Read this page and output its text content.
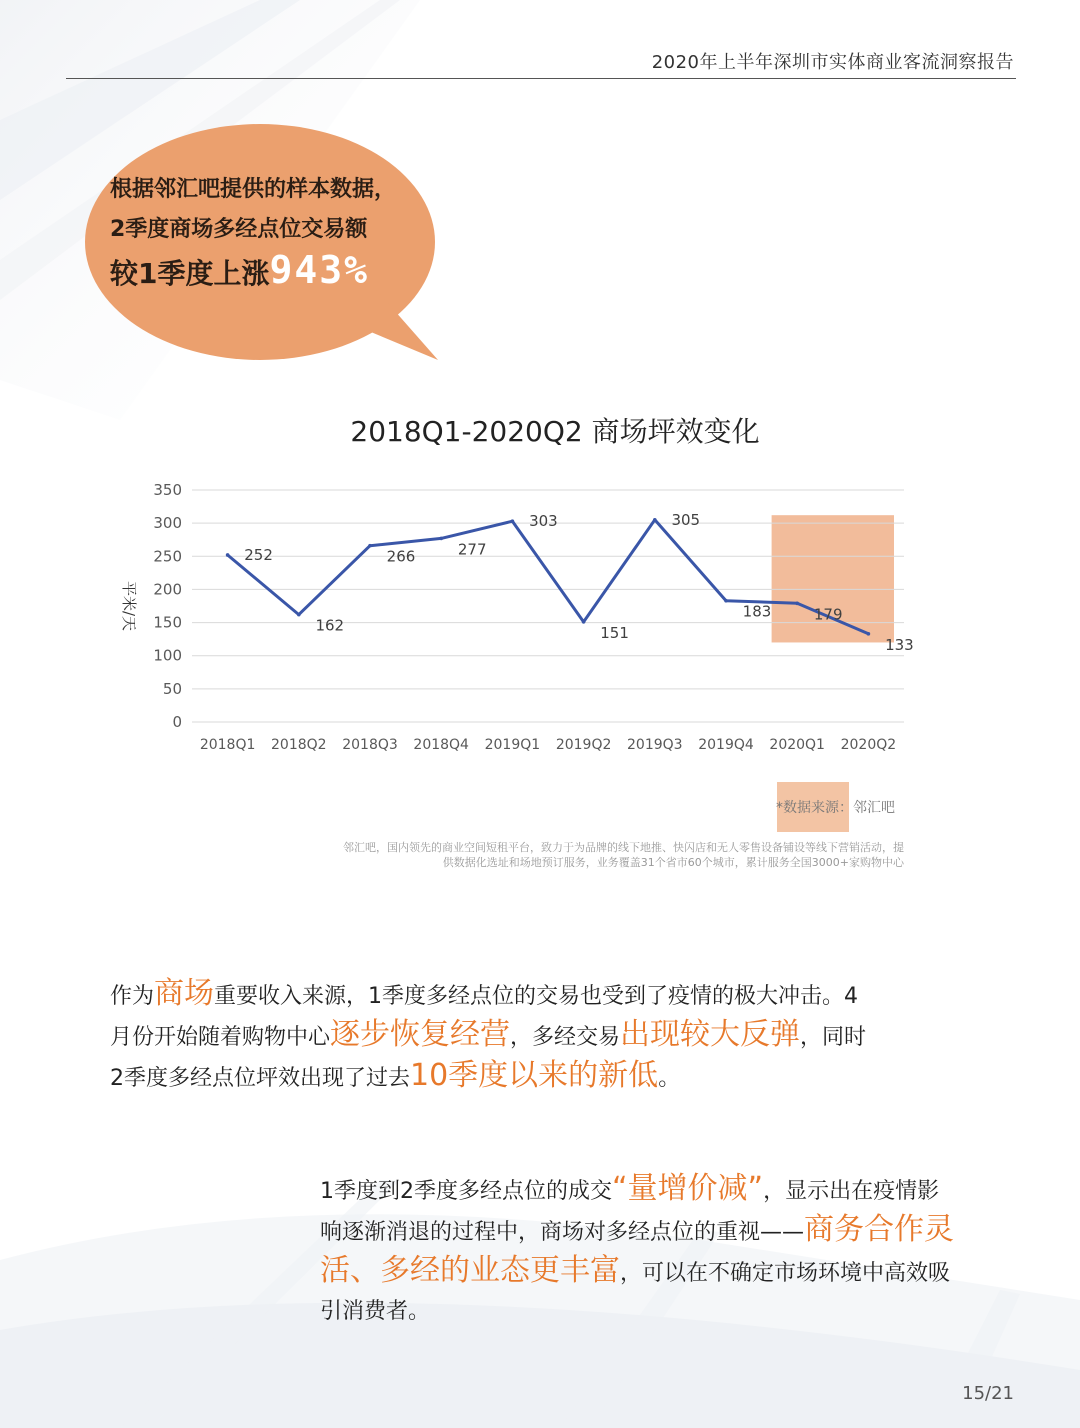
2020年上半年深圳市实体商业客流洞察报告
根据邻汇吧提供的样本数据，
2季度商场多经点位交易额
较1季度上涨943%
2018Q1-2020Q2 商场坪效变化
0
50
100
150
200
250
300
350
平米/天
2018Q1 2018Q2 2018Q3 2018Q4 2019Q1 2019Q2 2019Q3 2019Q4 2020Q1 2020Q2
252
162
266	277
303
151
305
183	179
133
*数据来源：邻汇吧
邻汇吧，国内领先的商业空间短租平台，致力于为品牌的线下地推、快闪店和无人零售设备铺设等线下营销活动，提
供数据化选址和场地预订服务，业务覆盖31个省市60个城市，累计服务全国3000+家购物中心
作为商场重要收入来源，1季度多经点位的交易也受到了疫情的极大冲击。4月份开始随着购物中心逐步恢复经营，多经交易出现较大反弹，同时2季度多经点位坪效出现了过去10季度以来的新低。
1季度到2季度多经点位的成交“量增价减”，显示出在疫情影响逐渐消退的过程中，商场对多经点位的重视——商务合作灵活、多经的业态更丰富，可以在不确定市场环境中高效吸引消费者。
15/21
